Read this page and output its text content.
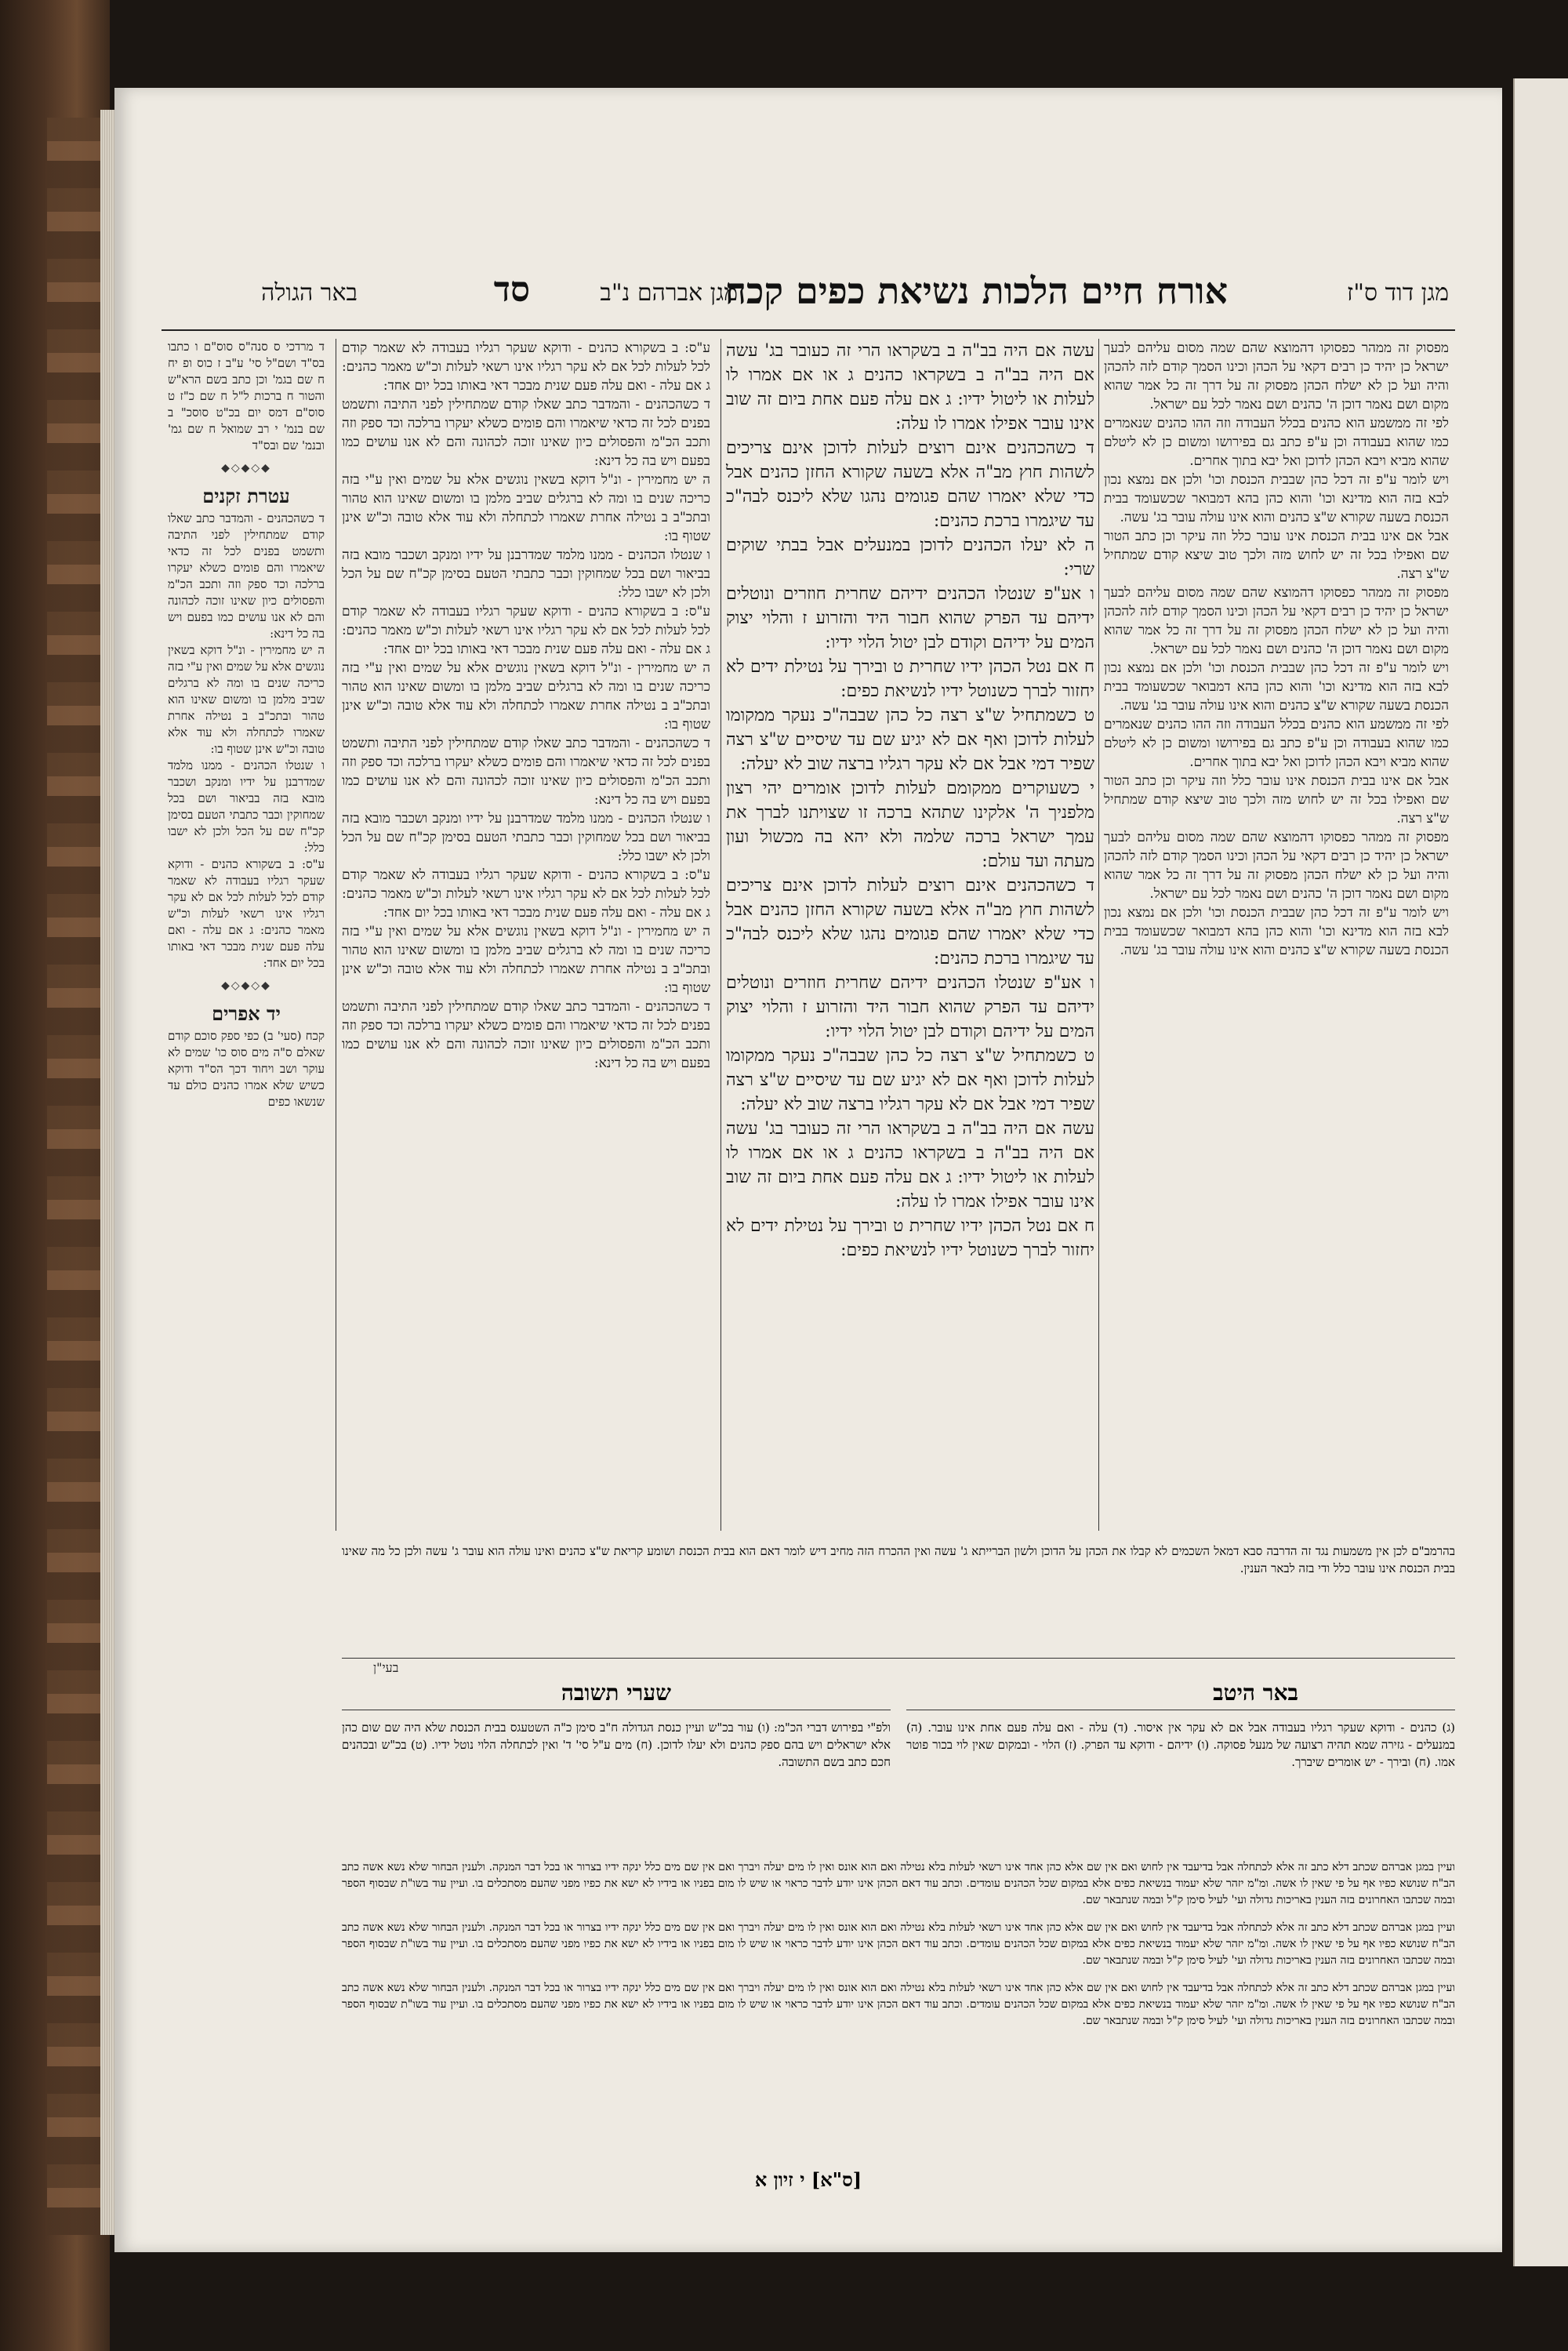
מגן דוד ס"ז
אורח חיים הלכות נשיאת כפים קכח
מגן אברהם נ"ב
סד
באר הגולה

מפסוק זה ממהר כפסוקו דהמוצא שהם שמה מסום עליהם לבעך ישראל כן יהיד כן רבים דקאי על הכהן וכינו הסמך קודם לזה להכהן והיה ועל כן לא ישלח הכהן מפסוק זה על דרך זה כל אמר שהוא מקום ושם נאמר דוכן ה' כהנים ושם נאמר לכל עם ישראל.

לפי זה ממשמע הוא כהנים בכלל העבודה וזה ההו כהנים שנאמרים כמו שהוא בעבודה וכן ע"פ כתב גם בפירושו ומשום כן לא ליטלם שהוא מביא ויבא הכהן לדוכן ואל יבא בתוך אחרים.

ויש לומר ע"פ זה דכל כהן שבבית הכנסת וכו' ולכן אם נמצא נכון לבא בזה הוא מדינא וכו' והוא כהן בהא דמבואר שכשעומד בבית הכנסת בשעה שקורא ש"צ כהנים והוא אינו עולה עובר בג' עשה.

אבל אם אינו בבית הכנסת אינו עובר כלל וזה עיקר וכן כתב הטור שם ואפילו בכל זה יש לחוש מזה ולכך טוב שיצא קודם שמתחיל ש"צ רצה.

מפסוק זה ממהר כפסוקו דהמוצא שהם שמה מסום עליהם לבעך ישראל כן יהיד כן רבים דקאי על הכהן וכינו הסמך קודם לזה להכהן והיה ועל כן לא ישלח הכהן מפסוק זה על דרך זה כל אמר שהוא מקום ושם נאמר דוכן ה' כהנים ושם נאמר לכל עם ישראל.

ויש לומר ע"פ זה דכל כהן שבבית הכנסת וכו' ולכן אם נמצא נכון לבא בזה הוא מדינא וכו' והוא כהן בהא דמבואר שכשעומד בבית הכנסת בשעה שקורא ש"צ כהנים והוא אינו עולה עובר בג' עשה.

לפי זה ממשמע הוא כהנים בכלל העבודה וזה ההו כהנים שנאמרים כמו שהוא בעבודה וכן ע"פ כתב גם בפירושו ומשום כן לא ליטלם שהוא מביא ויבא הכהן לדוכן ואל יבא בתוך אחרים.

אבל אם אינו בבית הכנסת אינו עובר כלל וזה עיקר וכן כתב הטור שם ואפילו בכל זה יש לחוש מזה ולכך טוב שיצא קודם שמתחיל ש"צ רצה.

מפסוק זה ממהר כפסוקו דהמוצא שהם שמה מסום עליהם לבעך ישראל כן יהיד כן רבים דקאי על הכהן וכינו הסמך קודם לזה להכהן והיה ועל כן לא ישלח הכהן מפסוק זה על דרך זה כל אמר שהוא מקום ושם נאמר דוכן ה' כהנים ושם נאמר לכל עם ישראל.

ויש לומר ע"פ זה דכל כהן שבבית הכנסת וכו' ולכן אם נמצא נכון לבא בזה הוא מדינא וכו' והוא כהן בהא דמבואר שכשעומד בבית הכנסת בשעה שקורא ש"צ כהנים והוא אינו עולה עובר בג' עשה.

עשה אם היה בב"ה ב בשקראו הרי זה כעובר בג' עשה אם היה בב"ה ב בשקראו כהנים ג או אם אמרו לו לעלות או ליטול ידיו: ג אם עלה פעם אחת ביום זה שוב אינו עובר אפילו אמרו לו עלה:

ד כשהכהנים אינם רוצים לעלות לדוכן אינם צריכים לשהות חוץ מב"ה אלא בשעה שקורא החזן כהנים אבל כדי שלא יאמרו שהם פגומים נהגו שלא ליכנס לבה"כ עד שיגמרו ברכת כהנים:

ה לא יעלו הכהנים לדוכן במנעלים אבל בבתי שוקים שרי:

ו אע"פ שנטלו הכהנים ידיהם שחרית חוזרים ונוטלים ידיהם עד הפרק שהוא חבור היד והזרוע ז והלוי יצוק המים על ידיהם וקודם לבן יטול הלוי ידיו:

ח אם נטל הכהן ידיו שחרית ט ובירך על נטילת ידים לא יחזור לברך כשנוטל ידיו לנשיאת כפים:

ט כשמתחיל ש"צ רצה כל כהן שבבה"כ נעקר ממקומו לעלות לדוכן ואף אם לא יגיע שם עד שיסיים ש"צ רצה שפיר דמי אבל אם לא עקר רגליו ברצה שוב לא יעלה:

י כשעוקרים ממקומם לעלות לדוכן אומרים יהי רצון מלפניך ה' אלקינו שתהא ברכה זו שצויתנו לברך את עמך ישראל ברכה שלמה ולא יהא בה מכשול ועון מעתה ועד עולם:

ד כשהכהנים אינם רוצים לעלות לדוכן אינם צריכים לשהות חוץ מב"ה אלא בשעה שקורא החזן כהנים אבל כדי שלא יאמרו שהם פגומים נהגו שלא ליכנס לבה"כ עד שיגמרו ברכת כהנים:

ו אע"פ שנטלו הכהנים ידיהם שחרית חוזרים ונוטלים ידיהם עד הפרק שהוא חבור היד והזרוע ז והלוי יצוק המים על ידיהם וקודם לבן יטול הלוי ידיו:

ט כשמתחיל ש"צ רצה כל כהן שבבה"כ נעקר ממקומו לעלות לדוכן ואף אם לא יגיע שם עד שיסיים ש"צ רצה שפיר דמי אבל אם לא עקר רגליו ברצה שוב לא יעלה:

עשה אם היה בב"ה ב בשקראו הרי זה כעובר בג' עשה אם היה בב"ה ב בשקראו כהנים ג או אם אמרו לו לעלות או ליטול ידיו: ג אם עלה פעם אחת ביום זה שוב אינו עובר אפילו אמרו לו עלה:

ח אם נטל הכהן ידיו שחרית ט ובירך על נטילת ידים לא יחזור לברך כשנוטל ידיו לנשיאת כפים:

ע"ס: ב בשקורא כהנים - ודוקא שעקר רגליו בעבודה לא שאמר קודם לכל לעלות לכל אם לא עקר רגליו אינו רשאי לעלות וכ"ש מאמר כהנים: ג אם עלה - ואם עלה פעם שנית מבכר דאי באותו בכל יום אחד:

ד כשהכהנים - והמדבר כתב שאלו קודם שמתחילין לפני התיבה ותשמט בפנים לכל זה כדאי שיאמרו והם פומים כשלא יעקרו ברלכה וכד ספק וזה ותכב הכ"מ והפסולים כיון שאינו זוכה לכהונה והם לא אנו עושים כמו בפעם ויש בה כל דינא:

ה יש מחמירין - ונ"ל דוקא בשאין נוגשים אלא על שמים ואין ע"י בזה כריכה שנים בו ומה לא ברגלים שביב מלמן בו ומשום שאינו הוא טהור ובתכ"ב ב נטילה אחרת שאמרו לכתחלה ולא עוד אלא טובה וכ"ש אינן שטוף בו:

ו שנטלו הכהנים - ממנו מלמד שמדרבנן על ידיו ומנקב ושכבר מובא בזה בביאור ושם בכל שמחוקין וכבר כתבתי הטעם בסימן קכ"ח שם על הכל ולכן לא ישבו כלל:

ע"ס: ב בשקורא כהנים - ודוקא שעקר רגליו בעבודה לא שאמר קודם לכל לעלות לכל אם לא עקר רגליו אינו רשאי לעלות וכ"ש מאמר כהנים: ג אם עלה - ואם עלה פעם שנית מבכר דאי באותו בכל יום אחד:

ה יש מחמירין - ונ"ל דוקא בשאין נוגשים אלא על שמים ואין ע"י בזה כריכה שנים בו ומה לא ברגלים שביב מלמן בו ומשום שאינו הוא טהור ובתכ"ב ב נטילה אחרת שאמרו לכתחלה ולא עוד אלא טובה וכ"ש אינן שטוף בו:

ד כשהכהנים - והמדבר כתב שאלו קודם שמתחילין לפני התיבה ותשמט בפנים לכל זה כדאי שיאמרו והם פומים כשלא יעקרו ברלכה וכד ספק וזה ותכב הכ"מ והפסולים כיון שאינו זוכה לכהונה והם לא אנו עושים כמו בפעם ויש בה כל דינא:

ו שנטלו הכהנים - ממנו מלמד שמדרבנן על ידיו ומנקב ושכבר מובא בזה בביאור ושם בכל שמחוקין וכבר כתבתי הטעם בסימן קכ"ח שם על הכל ולכן לא ישבו כלל:

ע"ס: ב בשקורא כהנים - ודוקא שעקר רגליו בעבודה לא שאמר קודם לכל לעלות לכל אם לא עקר רגליו אינו רשאי לעלות וכ"ש מאמר כהנים: ג אם עלה - ואם עלה פעם שנית מבכר דאי באותו בכל יום אחד:

ה יש מחמירין - ונ"ל דוקא בשאין נוגשים אלא על שמים ואין ע"י בזה כריכה שנים בו ומה לא ברגלים שביב מלמן בו ומשום שאינו הוא טהור ובתכ"ב ב נטילה אחרת שאמרו לכתחלה ולא עוד אלא טובה וכ"ש אינן שטוף בו:

ד כשהכהנים - והמדבר כתב שאלו קודם שמתחילין לפני התיבה ותשמט בפנים לכל זה כדאי שיאמרו והם פומים כשלא יעקרו ברלכה וכד ספק וזה ותכב הכ"מ והפסולים כיון שאינו זוכה לכהונה והם לא אנו עושים כמו בפעם ויש בה כל דינא:

ד מרדכי ס סנה"ס סוס"ם ו כתבו בס"ד ושם"ל סי' ע"ב ז כוס ופ יח ח שם בגמ' וכן כתב בשם הרא"ש והטור ח ברכות ל"ל ח שם כ"ז ט סוס"ם דמס יום בכ"ט סוסכ" ב שם בנמ' י רב שמואל ח שם גמ' ובנמ' שם ובס"ד

◆◇◆◇◆
עטרת זקנים

ד כשהכהנים - והמדבר כתב שאלו קודם שמתחילין לפני התיבה ותשמט בפנים לכל זה כדאי שיאמרו והם פומים כשלא יעקרו ברלכה וכד ספק וזה ותכב הכ"מ והפסולים כיון שאינו זוכה לכהונה והם לא אנו עושים כמו בפעם ויש בה כל דינא:

ה יש מחמירין - ונ"ל דוקא בשאין נוגשים אלא על שמים ואין ע"י בזה כריכה שנים בו ומה לא ברגלים שביב מלמן בו ומשום שאינו הוא טהור ובתכ"ב ב נטילה אחרת שאמרו לכתחלה ולא עוד אלא טובה וכ"ש אינן שטוף בו:

ו שנטלו הכהנים - ממנו מלמד שמדרבנן על ידיו ומנקב ושכבר מובא בזה בביאור ושם בכל שמחוקין וכבר כתבתי הטעם בסימן קכ"ח שם על הכל ולכן לא ישבו כלל:

ע"ס: ב בשקורא כהנים - ודוקא שעקר רגליו בעבודה לא שאמר קודם לכל לעלות לכל אם לא עקר רגליו אינו רשאי לעלות וכ"ש מאמר כהנים: ג אם עלה - ואם עלה פעם שנית מבכר דאי באותו בכל יום אחד:

◆◇◆◇◆
יד אפרים

קכח (סעי' ב) כפי ספק סוכם קודם שאלם ס"ה מים סוס כו' שמים לא עוקר ושב ויחוד דכך הס"ד ודוקא כשיש שלא אמרו כהנים כולם עד שנשאו כפים

בהרמב"ם לכן אין משמעות נגד זה הדרבה סבא דמאל השכמים לא קבלו את הכהן על הדוכן ולשון הברייתא ג' עשה ואין ההכרח הזה מחיב דיש לומר דאם הוא בבית הכנסת ושומע קריאת ש"צ כהנים ואינו עולה הוא עובר ג' עשה ולכן כל מה שאינו בבית הכנסת אינו עובר כלל ודי בזה לבאר הענין.
בעי"ן
באר היטב
שערי תשובה
(ג) כהנים - ודוקא שעקר רגליו בעבודה אבל אם לא עקר אין איסור. (ד) עלה - ואם עלה פעם אחת אינו עובר. (ה) במנעלים - גזירה שמא תהיה רצועה של מנעל פסוקה. (ו) ידיהם - ודוקא עד הפרק. (ז) הלוי - ובמקום שאין לוי בכור פוטר אמו. (ח) ובירך - יש אומרים שיברך.
ולפ"י בפירוש דברי הכ"מ: (ו) עור בכ"ש ועיין כנסת הגדולה ח"ב סימן כ"ה השטעגס בבית הכנסת שלא היה שם שום כהן אלא ישראלים ויש בהם ספק כהנים ולא יעלו לדוכן. (ח) מים ע"ל סי' ד' ואין לכתחלה הלוי נוטל ידיו. (ט) בכ"ש ובכהנים חכם כתב בשם התשובה.

ועיין במגן אברהם שכתב דלא כתב זה אלא לכתחלה אבל בדיעבד אין לחוש ואם אין שם אלא כהן אחד אינו רשאי לעלות בלא נטילה ואם הוא אונס ואין לו מים יעלה ויברך ואם אין שם מים כלל ינקה ידיו בצרור או בכל דבר המנקה. ולענין הבחור שלא נשא אשה כתב הב"ח שנושא כפיו אף על פי שאין לו אשה. ומ"מ יזהר שלא יעמוד בנשיאת כפים אלא במקום שכל הכהנים עומדים. וכתב עוד דאם הכהן אינו יודע לדבר כראוי או שיש לו מום בפניו או בידיו לא ישא את כפיו מפני שהעם מסתכלים בו. ועיין עוד בשו"ת שבסוף הספר ובמה שכתבו האחרונים בזה הענין באריכות גדולה ועי' לעיל סימן ק"ל ובמה שנתבאר שם.

ועיין במגן אברהם שכתב דלא כתב זה אלא לכתחלה אבל בדיעבד אין לחוש ואם אין שם אלא כהן אחד אינו רשאי לעלות בלא נטילה ואם הוא אונס ואין לו מים יעלה ויברך ואם אין שם מים כלל ינקה ידיו בצרור או בכל דבר המנקה. ולענין הבחור שלא נשא אשה כתב הב"ח שנושא כפיו אף על פי שאין לו אשה. ומ"מ יזהר שלא יעמוד בנשיאת כפים אלא במקום שכל הכהנים עומדים. וכתב עוד דאם הכהן אינו יודע לדבר כראוי או שיש לו מום בפניו או בידיו לא ישא את כפיו מפני שהעם מסתכלים בו. ועיין עוד בשו"ת שבסוף הספר ובמה שכתבו האחרונים בזה הענין באריכות גדולה ועי' לעיל סימן ק"ל ובמה שנתבאר שם.

ועיין במגן אברהם שכתב דלא כתב זה אלא לכתחלה אבל בדיעבד אין לחוש ואם אין שם אלא כהן אחד אינו רשאי לעלות בלא נטילה ואם הוא אונס ואין לו מים יעלה ויברך ואם אין שם מים כלל ינקה ידיו בצרור או בכל דבר המנקה. ולענין הבחור שלא נשא אשה כתב הב"ח שנושא כפיו אף על פי שאין לו אשה. ומ"מ יזהר שלא יעמוד בנשיאת כפים אלא במקום שכל הכהנים עומדים. וכתב עוד דאם הכהן אינו יודע לדבר כראוי או שיש לו מום בפניו או בידיו לא ישא את כפיו מפני שהעם מסתכלים בו. ועיין עוד בשו"ת שבסוף הספר ובמה שכתבו האחרונים בזה הענין באריכות גדולה ועי' לעיל סימן ק"ל ובמה שנתבאר שם.

[ס"א] י זיון א
